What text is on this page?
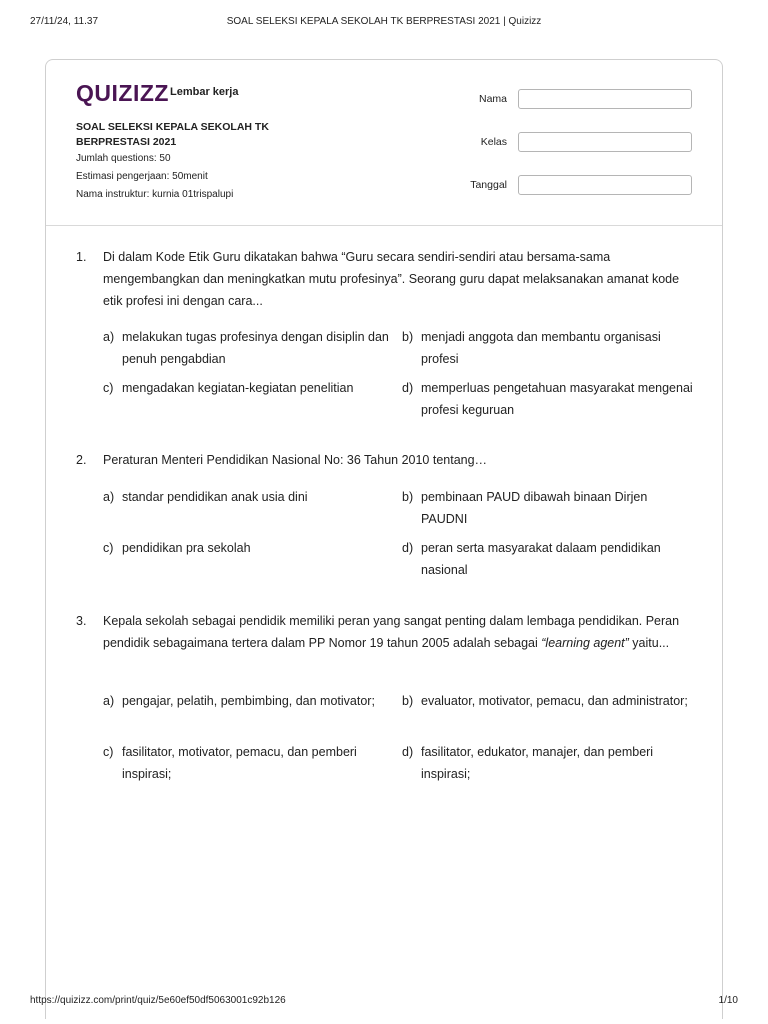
27/11/24, 11.37	SOAL SELEKSI KEPALA SEKOLAH TK BERPRESTASI 2021 | Quizizz
QUIZIZZ Lembar kerja
SOAL SELEKSI KEPALA SEKOLAH TK BERPRESTASI 2021
Jumlah questions: 50
Estimasi pengerjaan: 50menit
Nama instruktur: kurnia 01trispalupi
Nama
Kelas
Tanggal
1. Di dalam Kode Etik Guru dikatakan bahwa “Guru secara sendiri-sendiri atau bersama-sama mengembangkan dan meningkatkan mutu profesinya”. Seorang guru dapat melaksanakan amanat kode etik profesi ini dengan cara...
a) melakukan tugas profesinya dengan disiplin dan penuh pengabdian
b) menjadi anggota dan membantu organisasi profesi
c) mengadakan kegiatan-kegiatan penelitian	d) memperluas pengetahuan masyarakat mengenai profesi keguruan
2. Peraturan Menteri Pendidikan Nasional No: 36 Tahun 2010 tentang…
a) standar pendidikan anak usia dini	b) pembinaan PAUD dibawah binaan Dirjen PAUDNI
c) pendidikan pra sekolah	d) peran serta masyarakat dalaam pendidikan nasional
3. Kepala sekolah sebagai pendidik memiliki peran yang sangat penting dalam lembaga pendidikan. Peran pendidik sebagaimana tertera dalam PP Nomor 19 tahun 2005 adalah sebagai “learning agent” yaitu...
a) pengajar, pelatih, pembimbing, dan motivator;	b) evaluator, motivator, pemacu, dan administrator;
c) fasilitator, motivator, pemacu, dan pemberi inspirasi;
d) fasilitator, edukator, manajer, dan pemberi inspirasi;
https://quizizz.com/print/quiz/5e60ef50df5063001c92b126	1/10
